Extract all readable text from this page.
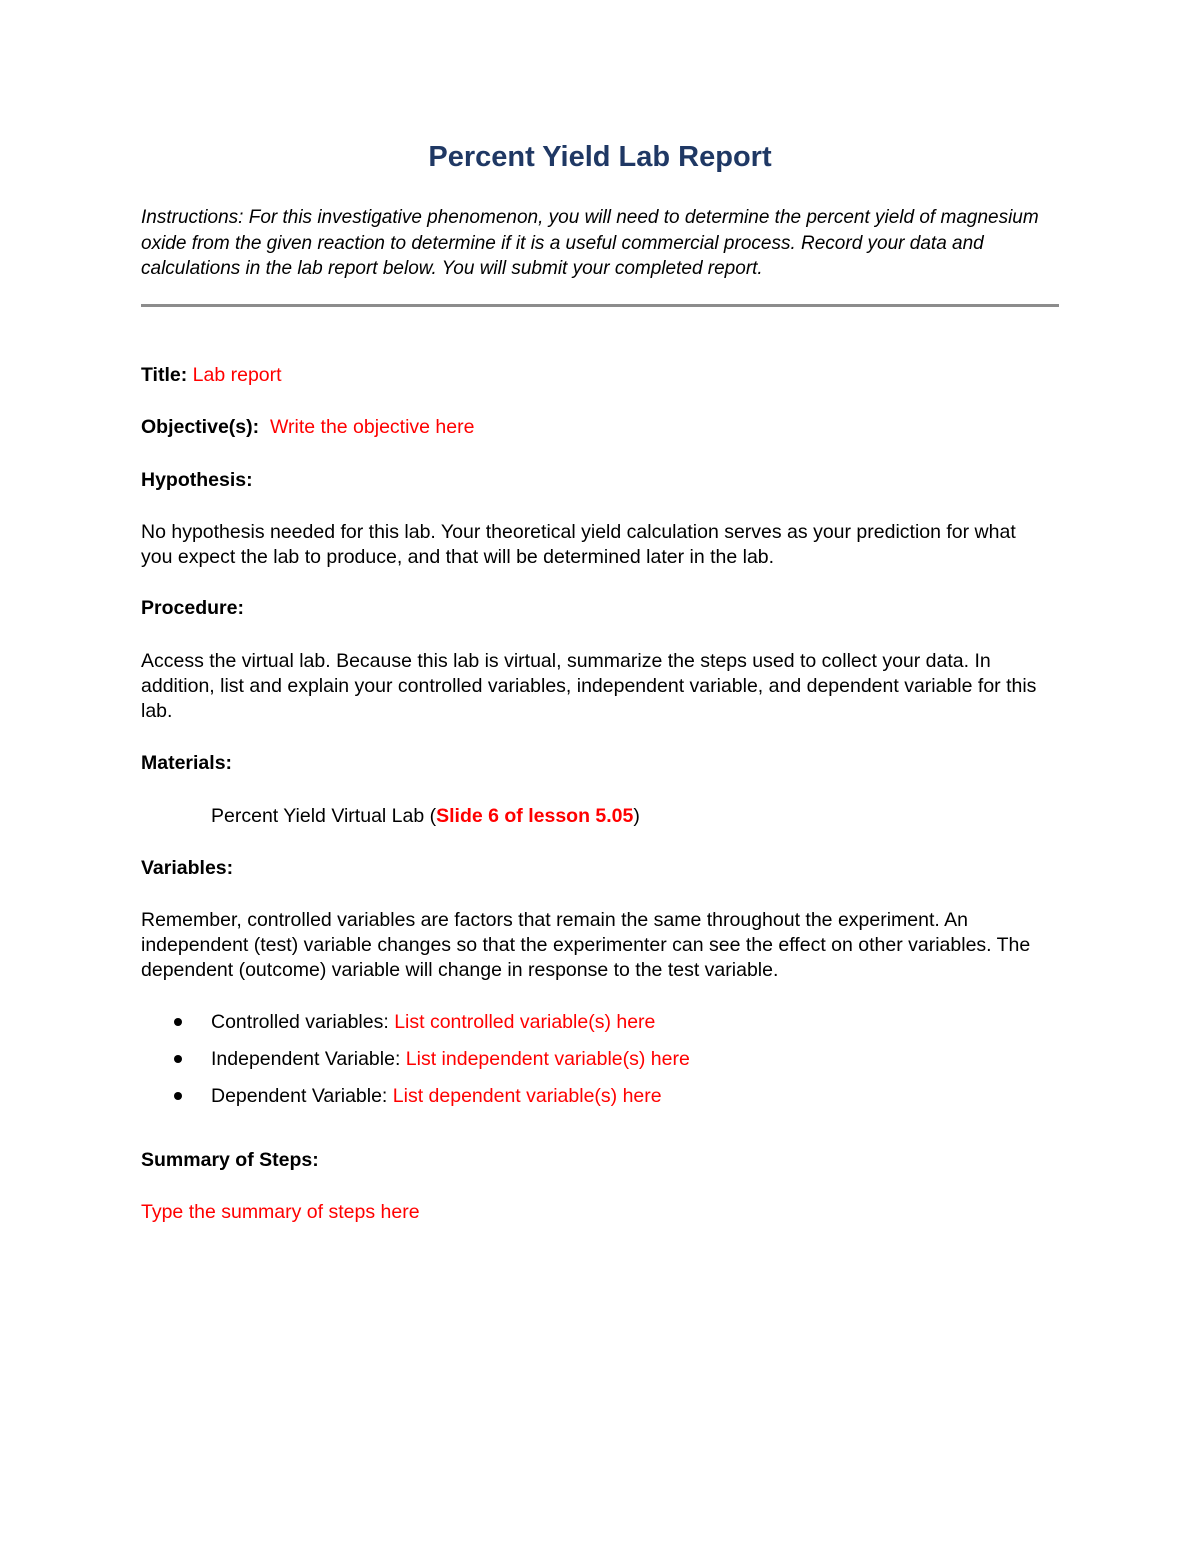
Percent Yield Lab Report

Instructions: For this investigative phenomenon, you will need to determine the percent yield of magnesium oxide from the given reaction to determine if it is a useful commercial process. Record your data and calculations in the lab report below. You will submit your completed report.

Title: Lab report

Objective(s): Write the objective here

Hypothesis:

No hypothesis needed for this lab. Your theoretical yield calculation serves as your prediction for what you expect the lab to produce, and that will be determined later in the lab.

Procedure:

Access the virtual lab. Because this lab is virtual, summarize the steps used to collect your data. In addition, list and explain your controlled variables, independent variable, and dependent variable for this lab.

Materials:

Percent Yield Virtual Lab (Slide 6 of lesson 5.05)

Variables:

Remember, controlled variables are factors that remain the same throughout the experiment. An independent (test) variable changes so that the experimenter can see the effect on other variables. The dependent (outcome) variable will change in response to the test variable.

Controlled variables: List controlled variable(s) here
Independent Variable: List independent variable(s) here
Dependent Variable: List dependent variable(s) here

Summary of Steps:

Type the summary of steps here
